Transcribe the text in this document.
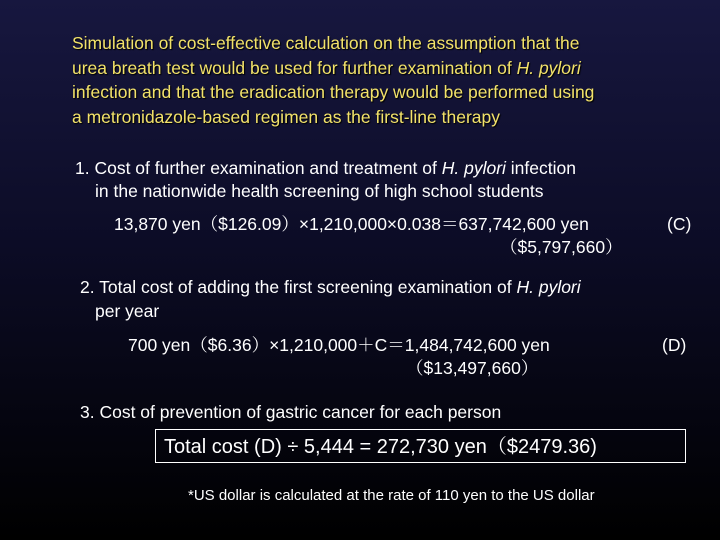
Simulation of cost-effective calculation on the assumption that the
urea breath test would be used for further examination of H. pylori
infection and that the eradication therapy would be performed using
a metronidazole-based regimen as the first-line therapy
1. Cost of further examination and treatment of H. pylori infection
in the nationwide health screening of high school students
13,870 yen（$126.09）×1,210,000×0.038＝637,742,600 yen
（$5,797,660）
(C)
2. Total cost of adding the first screening examination of H. pylori
per year
700 yen（$6.36）×1,210,000＋C＝1,484,742,600 yen
（$13,497,660）
(D)
3. Cost of prevention of gastric cancer for each person
Total cost (D) ÷ 5,444 = 272,730 yen（$2479.36)
*US dollar is calculated at the rate of 110 yen to the US dollar
